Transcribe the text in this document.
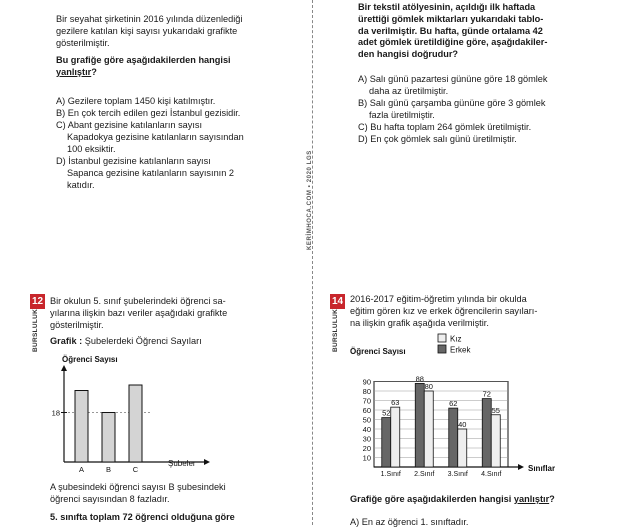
Bir seyahat şirketinin 2016 yılında düzenlediği

gezilere katılan kişi sayısı yukarıdaki grafikte

gösterilmiştir.

Bu grafiğe göre aşağıdakilerden hangisi

yanlıştır?

A) Gezilere toplam 1450 kişi katılmıştır.
B) En çok tercih edilen gezi İstanbul gezisidir.
C) Abant gezisine katılanların sayısı
Kapadokya gezisine katılanların sayısından
100 eksiktir.
D) İstanbul gezisine katılanların sayısı
Sapanca gezisine katılanların sayısının 2
katıdır.	KERİMHOCA.COM • 2020 LGS

Bir tekstil atölyesinin, açıldığı ilk haftada

ürettiği gömlek miktarları yukarıdaki tablo-

da verilmiştir. Bu hafta, günde ortalama 42

adet gömlek üretildiğine göre, aşağıdakiler-

den hangisi doğrudur?

A) Salı günü pazartesi gününe göre 18 gömlek
daha az üretilmiştir.
B) Salı günü çarşamba gününe göre 3 gömlek
fazla üretilmiştir.
C) Bu hafta toplam 264 gömlek üretilmiştir.
D) En çok gömlek salı günü üretilmiştir.
12
BURSLULUK

Bir okulun 5. sınıf şubelerindeki öğrenci sa-

yılarına ilişkin bazı veriler aşağıdaki grafikte

gösterilmiştir.

Grafik : Şubelerdeki Öğrenci Sayıları

Öğrenci Sayısı
18
A	B	C
Şubeler

A şubesindeki öğrenci sayısı B şubesindeki

öğrenci sayısından 8 fazladır.

5. sınıfta toplam 72 öğrenci olduğuna göre

14
BURSLULUK

2016-2017 eğitim-öğretim yılında bir okulda

eğitim gören kız ve erkek öğrencilerin sayıları-

na ilişkin grafik aşağıda verilmiştir.

Kız
Erkek
Öğrenci Sayısı
10
20
30
40
50
60
70
80
90
52
63
1.Sınıf
88
80
2.Sınıf
62
40
3.Sınıf
72
55
4.Sınıf
Sınıflar

Grafiğe göre aşağıdakilerden hangisi yanlıştır?

A) En az öğrenci 1. sınıftadır.
